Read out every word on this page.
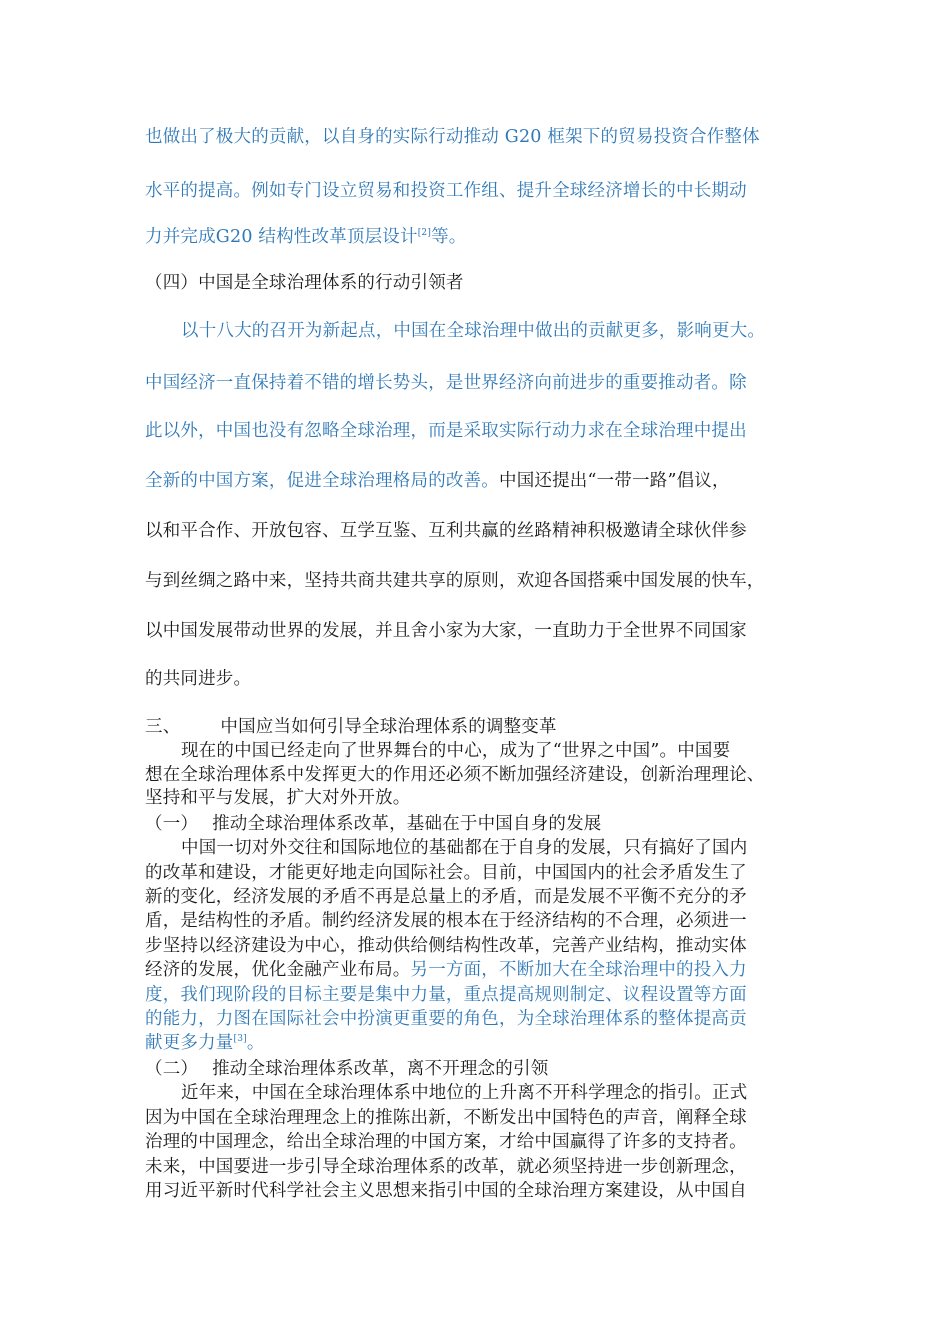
也做出了极大的贡献，以自身的实际行动推动 G20 框架下的贸易投资合作整体

水平的提高。例如专门设立贸易和投资工作组、提升全球经济增长的中长期动

力并完成G20 结构性改革顶层设计[2]等。

（四）中国是全球治理体系的行动引领者

以十八大的召开为新起点，中国在全球治理中做出的贡献更多，影响更大。

中国经济一直保持着不错的增长势头，是世界经济向前进步的重要推动者。除

此以外，中国也没有忽略全球治理，而是采取实际行动力求在全球治理中提出

全新的中国方案，促进全球治理格局的改善。中国还提出“一带一路”倡议，

以和平合作、开放包容、互学互鉴、互利共赢的丝路精神积极邀请全球伙伴参

与到丝绸之路中来，坚持共商共建共享的原则，欢迎各国搭乘中国发展的快车，

以中国发展带动世界的发展，并且舍小家为大家，一直助力于全世界不同国家

的共同进步。

三、 中国应当如何引导全球治理体系的调整变革

现在的中国已经走向了世界舞台的中心，成为了“世界之中国”。中国要

想在全球治理体系中发挥更大的作用还必须不断加强经济建设，创新治理理论、

坚持和平与发展，扩大对外开放。

（一） 推动全球治理体系改革，基础在于中国自身的发展

中国一切对外交往和国际地位的基础都在于自身的发展，只有搞好了国内

的改革和建设，才能更好地走向国际社会。目前，中国国内的社会矛盾发生了

新的变化，经济发展的矛盾不再是总量上的矛盾，而是发展不平衡不充分的矛

盾，是结构性的矛盾。制约经济发展的根本在于经济结构的不合理，必须进一

步坚持以经济建设为中心，推动供给侧结构性改革，完善产业结构，推动实体

经济的发展，优化金融产业布局。另一方面，不断加大在全球治理中的投入力

度，我们现阶段的目标主要是集中力量，重点提高规则制定、议程设置等方面

的能力，力图在国际社会中扮演更重要的角色，为全球治理体系的整体提高贡

献更多力量[3]。

（二） 推动全球治理体系改革，离不开理念的引领

近年来，中国在全球治理体系中地位的上升离不开科学理念的指引。正式

因为中国在全球治理理念上的推陈出新，不断发出中国特色的声音，阐释全球

治理的中国理念，给出全球治理的中国方案，才给中国赢得了许多的支持者。

未来，中国要进一步引导全球治理体系的改革，就必须坚持进一步创新理念，

用习近平新时代科学社会主义思想来指引中国的全球治理方案建设，从中国自
